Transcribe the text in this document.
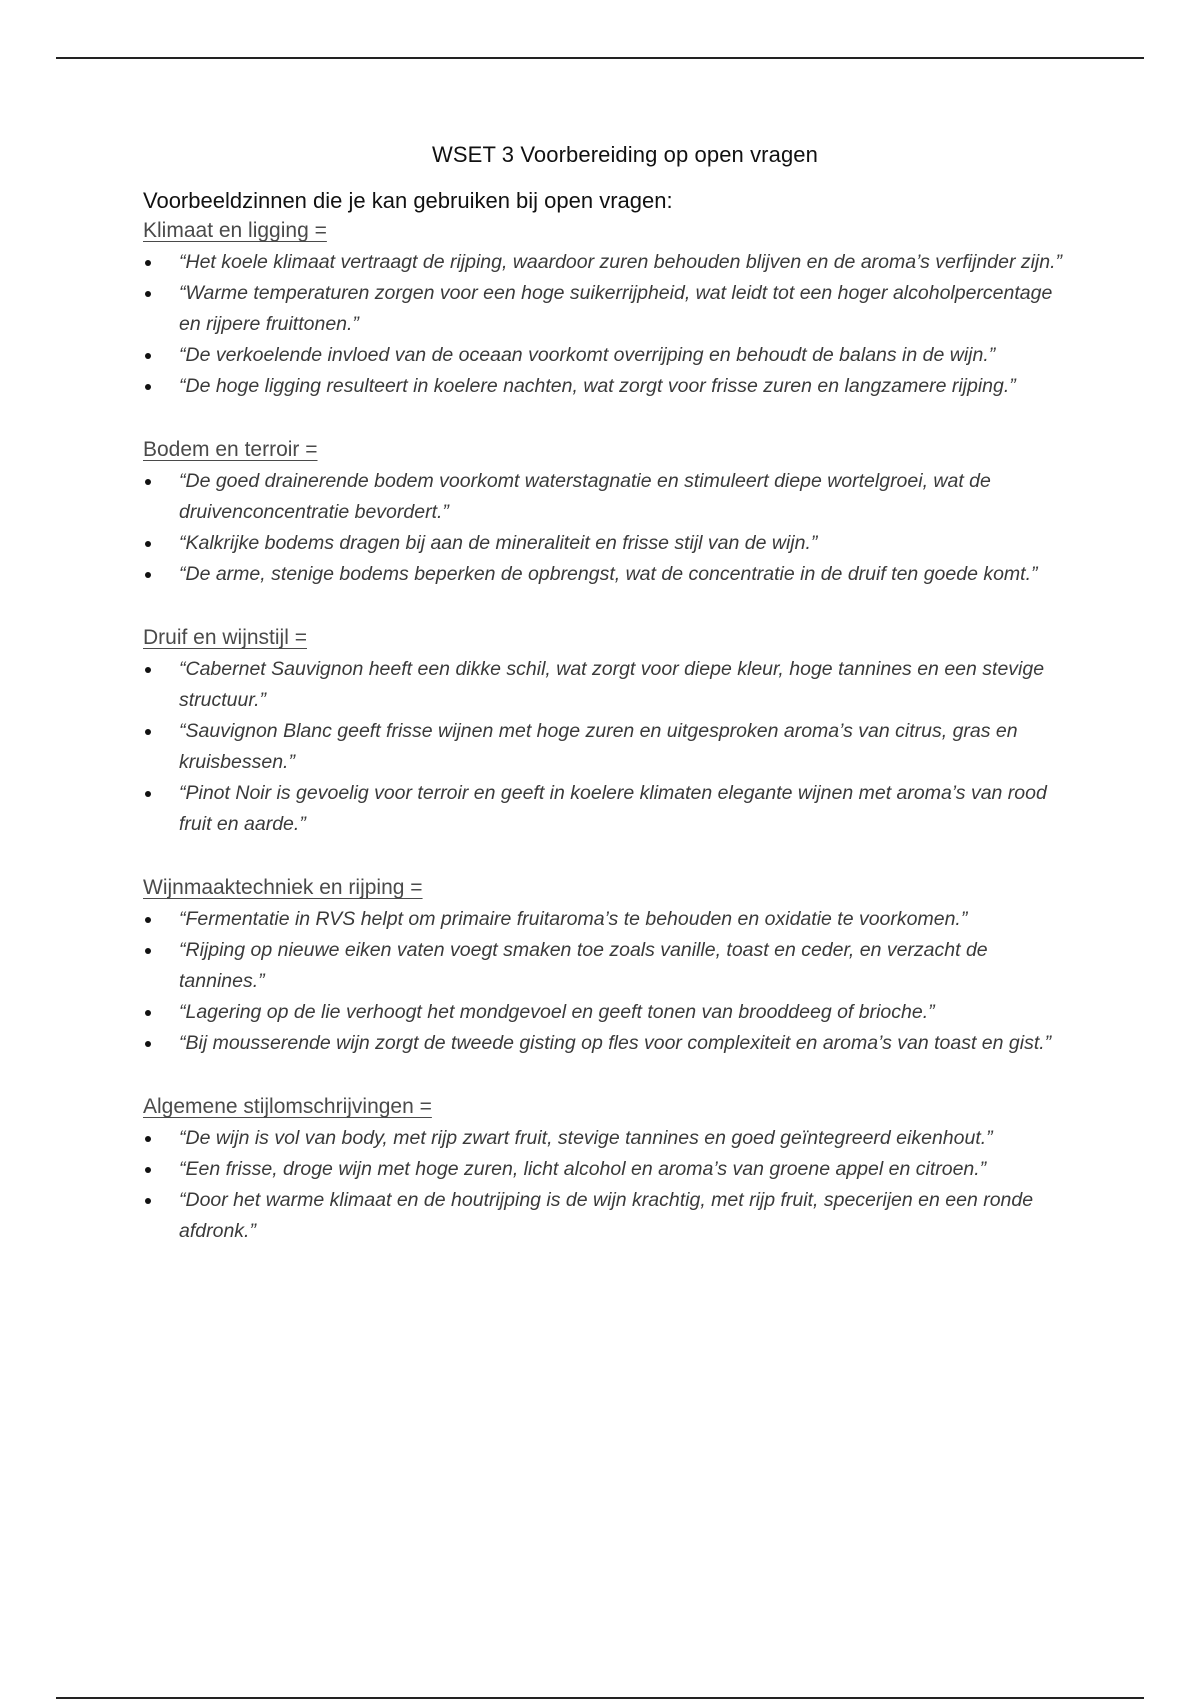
WSET 3 Voorbereiding op open vragen

Voorbeeldzinnen die je kan gebruiken bij open vragen:

Klimaat en ligging =
“Het koele klimaat vertraagt de rijping, waardoor zuren behouden blijven en de aroma’s verfijnder zijn.”
“Warme temperaturen zorgen voor een hoge suikerrijpheid, wat leidt tot een hoger alcoholpercentage en rijpere fruittonen.”
“De verkoelende invloed van de oceaan voorkomt overrijping en behoudt de balans in de wijn.”
“De hoge ligging resulteert in koelere nachten, wat zorgt voor frisse zuren en langzamere rijping.”
Bodem en terroir =
“De goed drainerende bodem voorkomt waterstagnatie en stimuleert diepe wortelgroei, wat de druivenconcentratie bevordert.”
“Kalkrijke bodems dragen bij aan de mineraliteit en frisse stijl van de wijn.”
“De arme, stenige bodems beperken de opbrengst, wat de concentratie in de druif ten goede komt.”
Druif en wijnstijl =
“Cabernet Sauvignon heeft een dikke schil, wat zorgt voor diepe kleur, hoge tannines en een stevige structuur.”
“Sauvignon Blanc geeft frisse wijnen met hoge zuren en uitgesproken aroma’s van citrus, gras en kruisbessen.”
“Pinot Noir is gevoelig voor terroir en geeft in koelere klimaten elegante wijnen met aroma’s van rood fruit en aarde.”
Wijnmaaktechniek en rijping =
“Fermentatie in RVS helpt om primaire fruitaroma’s te behouden en oxidatie te voorkomen.”
“Rijping op nieuwe eiken vaten voegt smaken toe zoals vanille, toast en ceder, en verzacht de tannines.”
“Lagering op de lie verhoogt het mondgevoel en geeft tonen van brooddeeg of brioche.”
“Bij mousserende wijn zorgt de tweede gisting op fles voor complexiteit en aroma’s van toast en gist.”
Algemene stijlomschrijvingen =
“De wijn is vol van body, met rijp zwart fruit, stevige tannines en goed geïntegreerd eikenhout.”
“Een frisse, droge wijn met hoge zuren, licht alcohol en aroma’s van groene appel en citroen.”
“Door het warme klimaat en de houtrijping is de wijn krachtig, met rijp fruit, specerijen en een ronde afdronk.”
